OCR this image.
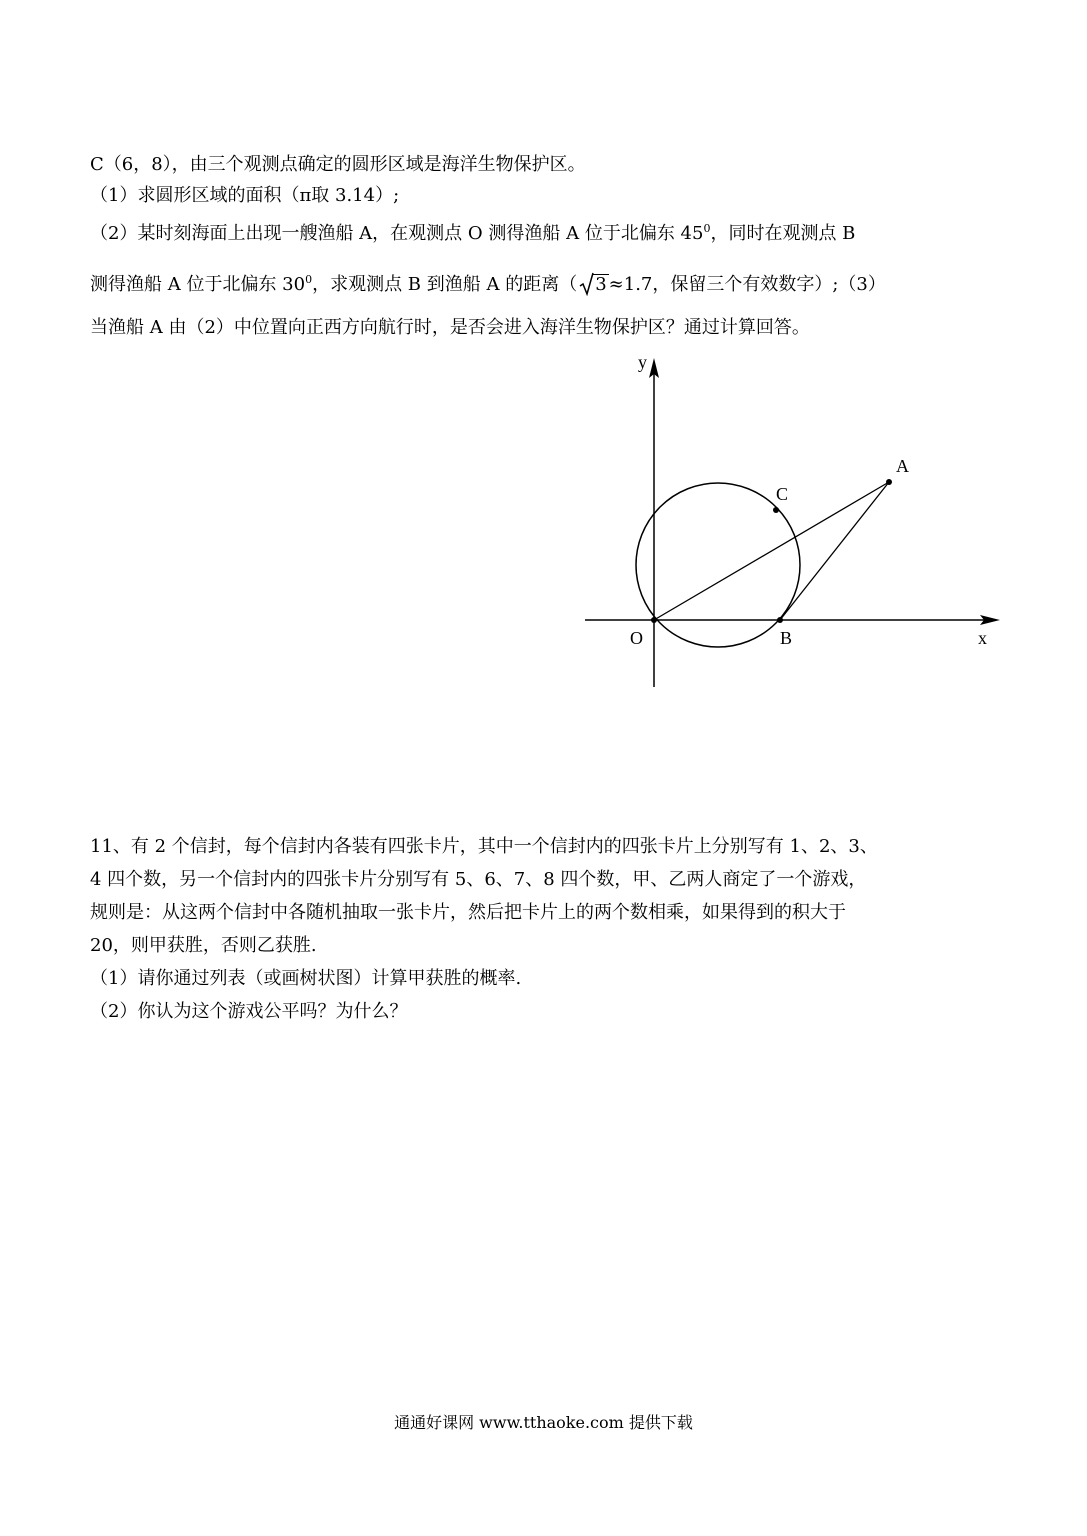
C（6，8），由三个观测点确定的圆形区域是海洋生物保护区。
（1）求圆形区域的面积（π取 3.14）;
（2）某时刻海面上出现一艘渔船 A，在观测点 O 测得渔船 A 位于北偏东 $45^0$，同时在观测点 B
测得渔船 A 位于北偏东 $30^0$，求观测点 B 到渔船 A 的距离（ 3 ≈1.7，保留三个有效数字）;（3）
当渔船 A 由（2）中位置向正西方向航行时，是否会进入海洋生物保护区？通过计算回答。
y
x
O	B
C
A
11、有 2 个信封，每个信封内各装有四张卡片，其中一个信封内的四张卡片上分别写有 1、2、3、
4 四个数，另一个信封内的四张卡片分别写有 5、6、7、8 四个数，甲、乙两人商定了一个游戏，
规则是：从这两个信封中各随机抽取一张卡片，然后把卡片上的两个数相乘，如果得到的积大于
20，则甲获胜，否则乙获胜.
（1）请你通过列表（或画树状图）计算甲获胜的概率.
（2）你认为这个游戏公平吗？为什么？
通通好课网 www.tthaoke.com 提供下载
